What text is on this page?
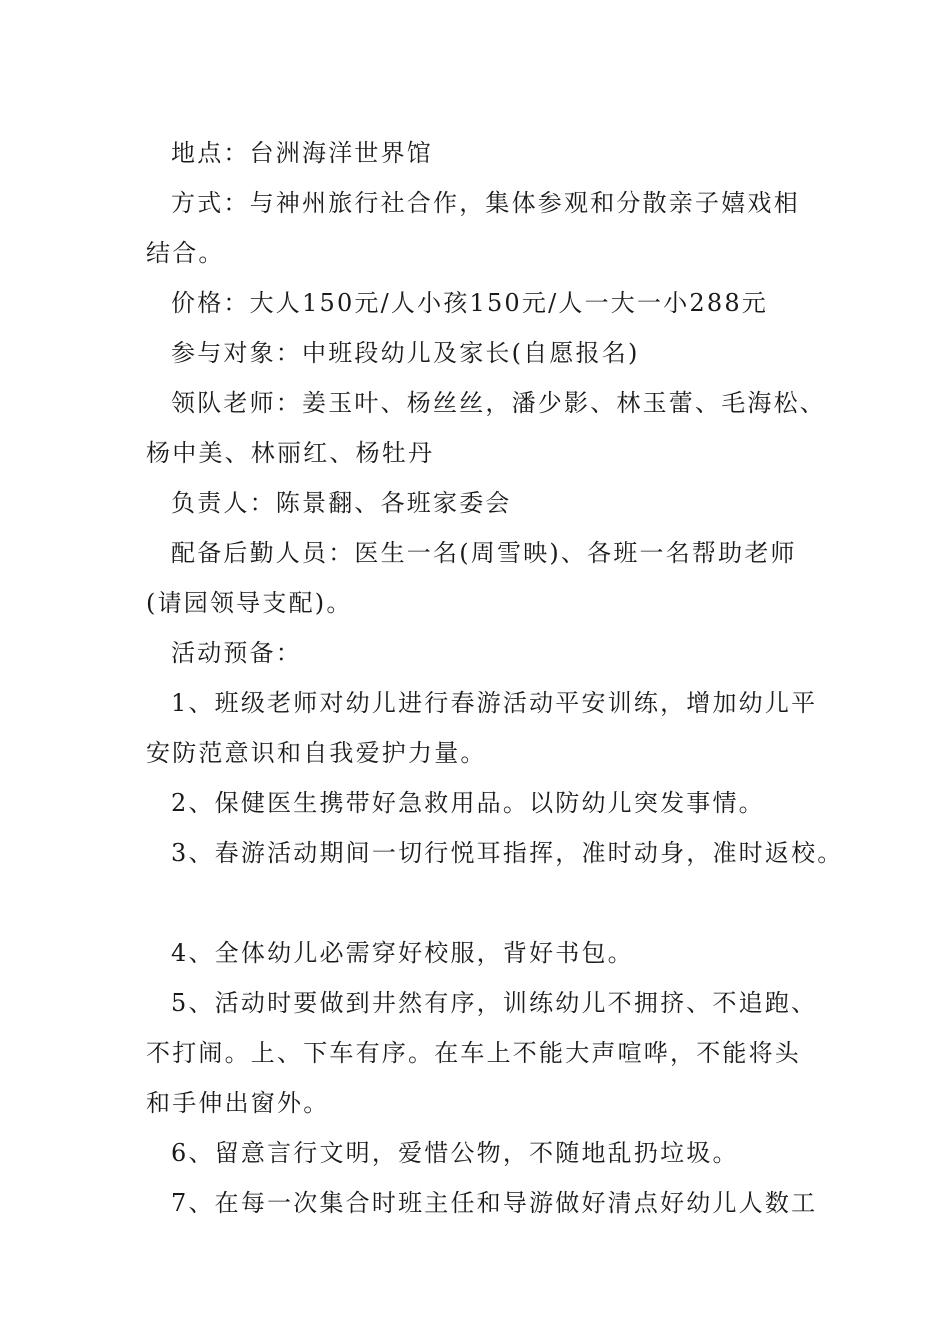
地点：台洲海洋世界馆
方式：与神州旅行社合作，集体参观和分散亲子嬉戏相
结合。
价格：大人150元/人小孩150元/人一大一小288元
参与对象：中班段幼儿及家长(自愿报名)
领队老师：姜玉叶、杨丝丝，潘少影、林玉蕾、毛海松、
杨中美、林丽红、杨牡丹
负责人：陈景翻、各班家委会
配备后勤人员：医生一名(周雪映)、各班一名帮助老师
(请园领导支配)。
活动预备：
1、班级老师对幼儿进行春游活动平安训练，增加幼儿平
安防范意识和自我爱护力量。
2、保健医生携带好急救用品。以防幼儿突发事情。
3、春游活动期间一切行悦耳指挥，准时动身，准时返校。
4、全体幼儿必需穿好校服，背好书包。
5、活动时要做到井然有序，训练幼儿不拥挤、不追跑、
不打闹。上、下车有序。在车上不能大声喧哗，不能将头
和手伸出窗外。
6、留意言行文明，爱惜公物，不随地乱扔垃圾。
7、在每一次集合时班主任和导游做好清点好幼儿人数工
